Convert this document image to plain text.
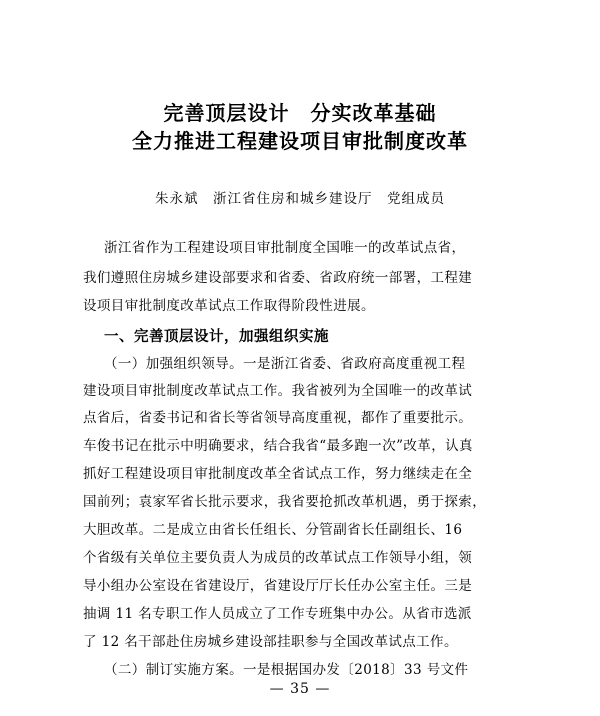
完善顶层设计　分实改革基础
全力推进工程建设项目审批制度改革
朱永斌　浙江省住房和城乡建设厅　党组成员
浙江省作为工程建设项目审批制度全国唯一的改革试点省，
我们遵照住房城乡建设部要求和省委、省政府统一部署，工程建
设项目审批制度改革试点工作取得阶段性进展。
一、完善顶层设计，加强组织实施
（一）加强组织领导。一是浙江省委、省政府高度重视工程
建设项目审批制度改革试点工作。我省被列为全国唯一的改革试
点省后，省委书记和省长等省领导高度重视，都作了重要批示。
车俊书记在批示中明确要求，结合我省“最多跑一次”改革，认真
抓好工程建设项目审批制度改革全省试点工作，努力继续走在全
国前列；袁家军省长批示要求，我省要抢抓改革机遇，勇于探索，
大胆改革。二是成立由省长任组长、分管副省长任副组长、16
个省级有关单位主要负责人为成员的改革试点工作领导小组，领
导小组办公室设在省建设厅，省建设厅厅长任办公室主任。三是
抽调 11 名专职工作人员成立了工作专班集中办公。从省市选派
了 12 名干部赴住房城乡建设部挂职参与全国改革试点工作。
（二）制订实施方案。一是根据国办发〔2018〕33 号文件
— 35 —
